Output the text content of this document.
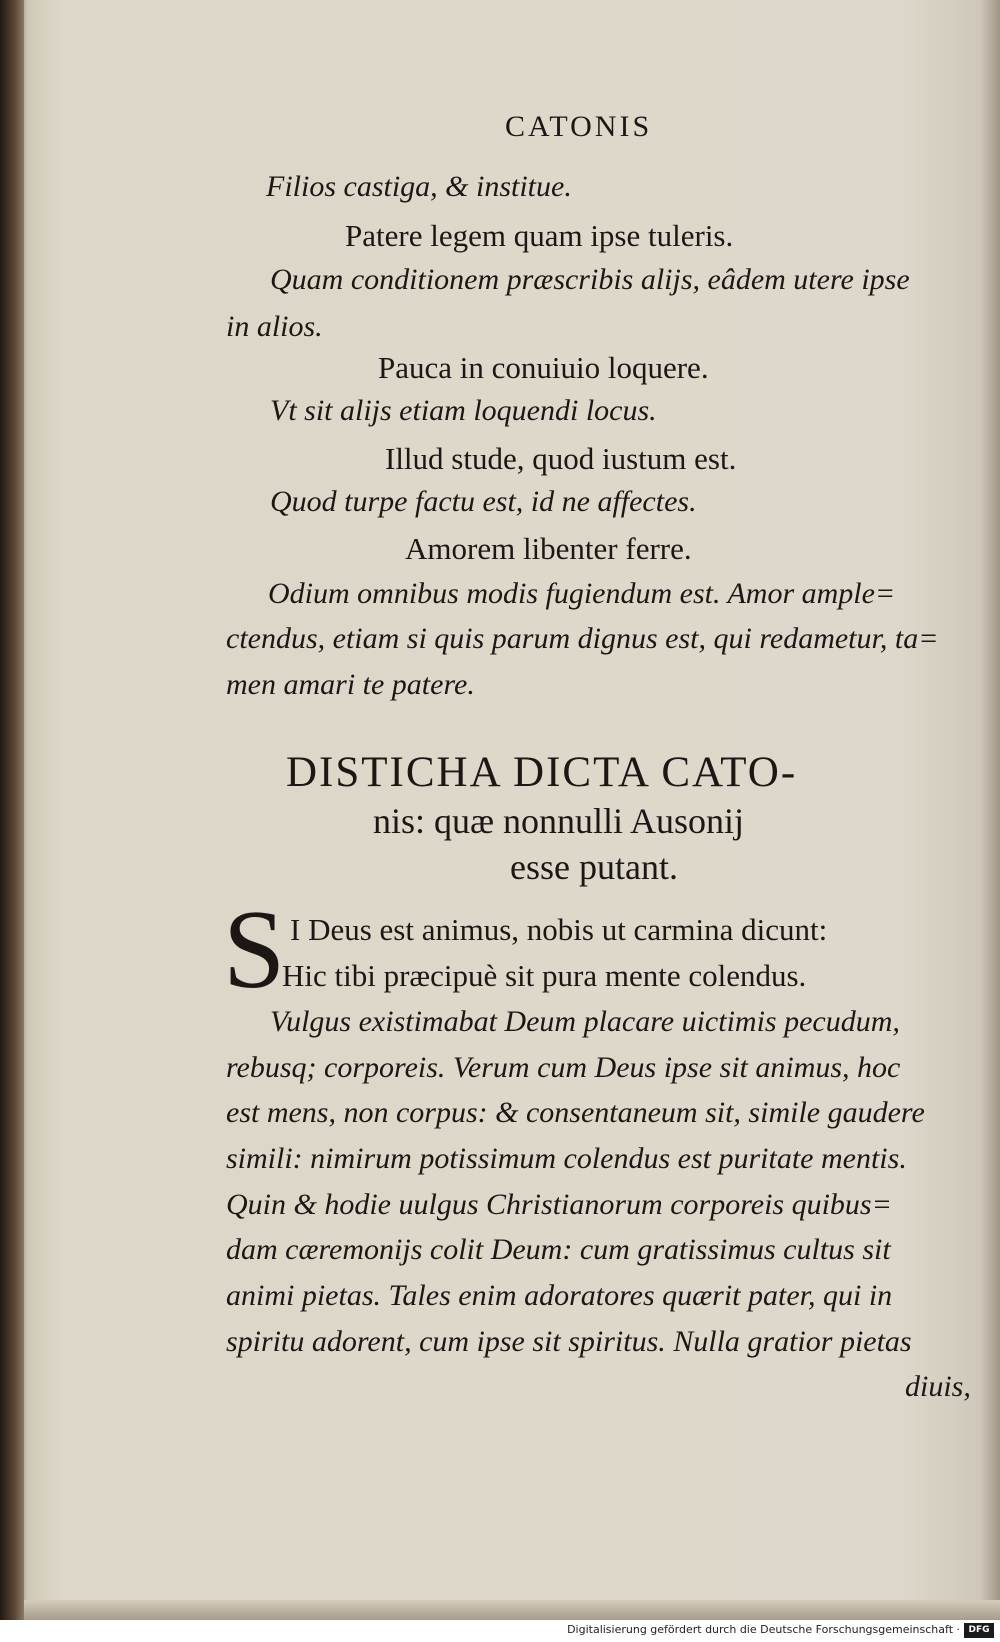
CATONIS
Filios castiga, & institue.
Patere legem quam ipse tuleris.
Quam conditionem præscribis alijs, eâdem utere ipse
in alios.
Pauca in conuiuio loquere.
Vt sit alijs etiam loquendi locus.
Illud stude, quod iustum est.
Quod turpe factu est, id ne affectes.
Amorem libenter ferre.
Odium omnibus modis fugiendum est. Amor ample=
ctendus, etiam si quis parum dignus est, qui redametur, ta=
men amari te patere.
DISTICHA DICTA CATO-
nis: quæ nonnulli Ausonij
esse putant.
S I Deus est animus, nobis ut carmina dicunt:
Hic tibi præcipuè sit pura mente colendus.
Vulgus existimabat Deum placare uictimis pecudum,
rebusq; corporeis. Verum cum Deus ipse sit animus, hoc
est mens, non corpus: & consentaneum sit, simile gaudere
simili: nimirum potissimum colendus est puritate mentis.
Quin & hodie uulgus Christianorum corporeis quibus=
dam cæremonijs colit Deum: cum gratissimus cultus sit
animi pietas. Tales enim adoratores quærit pater, qui in
spiritu adorent, cum ipse sit spiritus. Nulla gratior pietas
diuis,
Digitalisierung gefördert durch die Deutsche Forschungsgemeinschaft · DFG
